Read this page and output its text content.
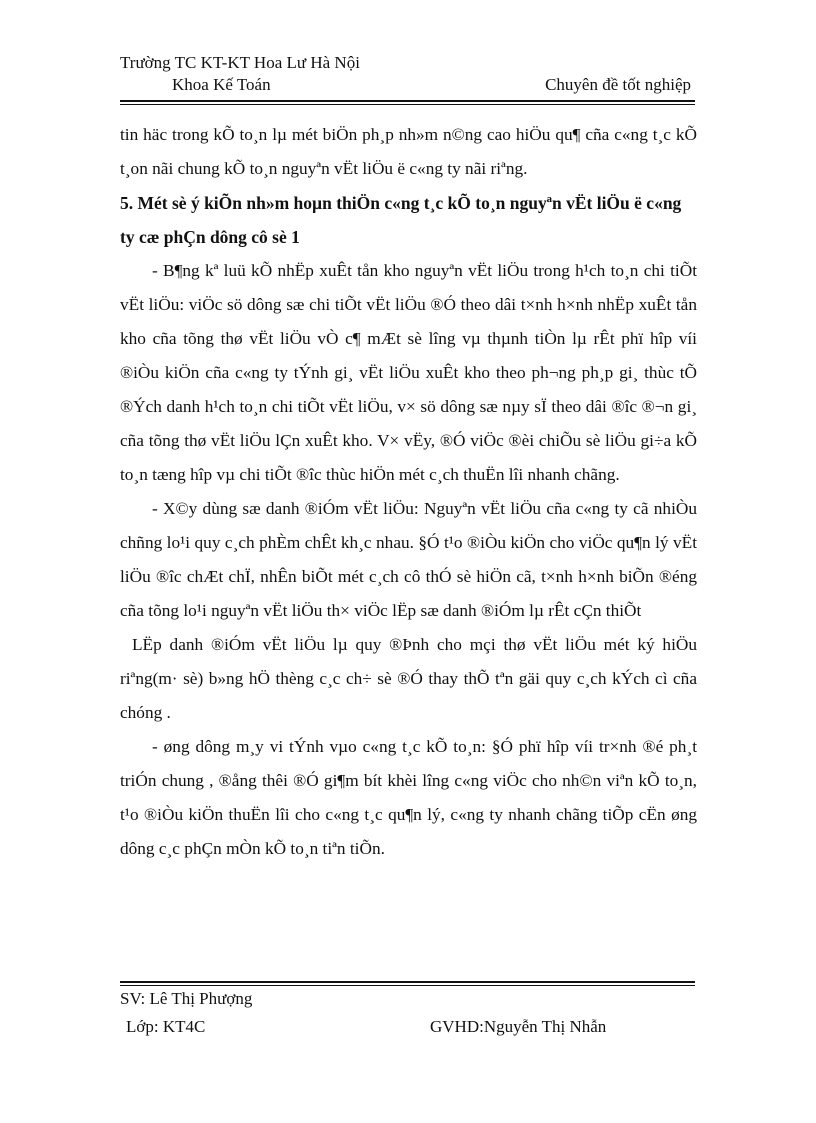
Trường TC KT-KT Hoa Lư Hà Nội
Khoa Kế Toán	Chuyên đề tốt nghiệp

tin häc trong kÕ to¸n lµ mét biÖn ph¸p nh»m n©ng cao hiÖu qu¶ cña c«ng t¸c kÕ t¸on nãi chung kÕ to¸n nguyªn vËt liÖu ë c«ng ty nãi riªng.

5. Mét sè ý kiÕn nh»m hoµn thiÖn c«ng t¸c kÕ to¸n nguyªn vËt liÖu ë c«ng ty cæ phÇn dông cô sè 1

- B¶ng kª luü kÕ nhËp xuÊt tån kho nguyªn vËt liÖu trong h¹ch to¸n chi tiÕt vËt liÖu: viÖc sö dông sæ chi tiÕt vËt liÖu ®Ó theo dâi t×nh h×nh nhËp xuÊt tån kho cña tõng thø vËt liÖu vÒ c¶ mÆt sè lîng vµ thµnh tiÒn lµ rÊt phï hîp víi ®iÒu kiÖn cña c«ng ty tÝnh gi¸ vËt liÖu xuÊt kho theo ph¬ng ph¸p gi¸ thùc tÕ ®Ých danh h¹ch to¸n chi tiÕt vËt liÖu, v× sö dông sæ nµy sÏ theo dâi ®îc ®¬n gi¸ cña tõng thø vËt liÖu lÇn xuÊt kho. V× vËy, ®Ó viÖc ®èi chiÕu sè liÖu gi÷a kÕ to¸n tæng hîp vµ chi tiÕt ®îc thùc hiÖn mét c¸ch thuËn lîi nhanh chãng.

- X©y dùng sæ danh ®iÓm vËt liÖu: Nguyªn vËt liÖu cña c«ng ty cã nhiÒu chñng lo¹i quy c¸ch phÈm chÊt kh¸c nhau. §Ó t¹o ®iÒu kiÖn cho viÖc qu¶n lý vËt liÖu ®îc chÆt chÏ, nhÊn biÕt mét c¸ch cô thÓ sè hiÖn cã, t×nh h×nh biÕn ®éng cña tõng lo¹i nguyªn vËt liÖu th× viÖc lËp sæ danh ®iÓm lµ rÊt cÇn thiÕt

LËp danh ®iÓm vËt liÖu lµ quy ®Þnh cho mçi thø vËt liÖu mét ký hiÖu riªng(m· sè) b»ng hÖ thèng c¸c ch÷ sè ®Ó thay thÕ tªn gäi quy c¸ch kÝch cì cña chóng .

- øng dông m¸y vi tÝnh vµo c«ng t¸c kÕ to¸n: §Ó phï hîp víi tr×nh ®é ph¸t triÓn chung , ®ång thêi ®Ó gi¶m bít khèi lîng c«ng viÖc cho nh©n viªn kÕ to¸n, t¹o ®iÒu kiÖn thuËn lîi cho c«ng t¸c qu¶n lý, c«ng ty nhanh chãng tiÕp cËn øng dông c¸c phÇn mÒn kÕ to¸n tiªn tiÕn.

SV: Lê Thị Phượng
Lớp: KT4C	GVHD:Nguyễn Thị Nhẫn
